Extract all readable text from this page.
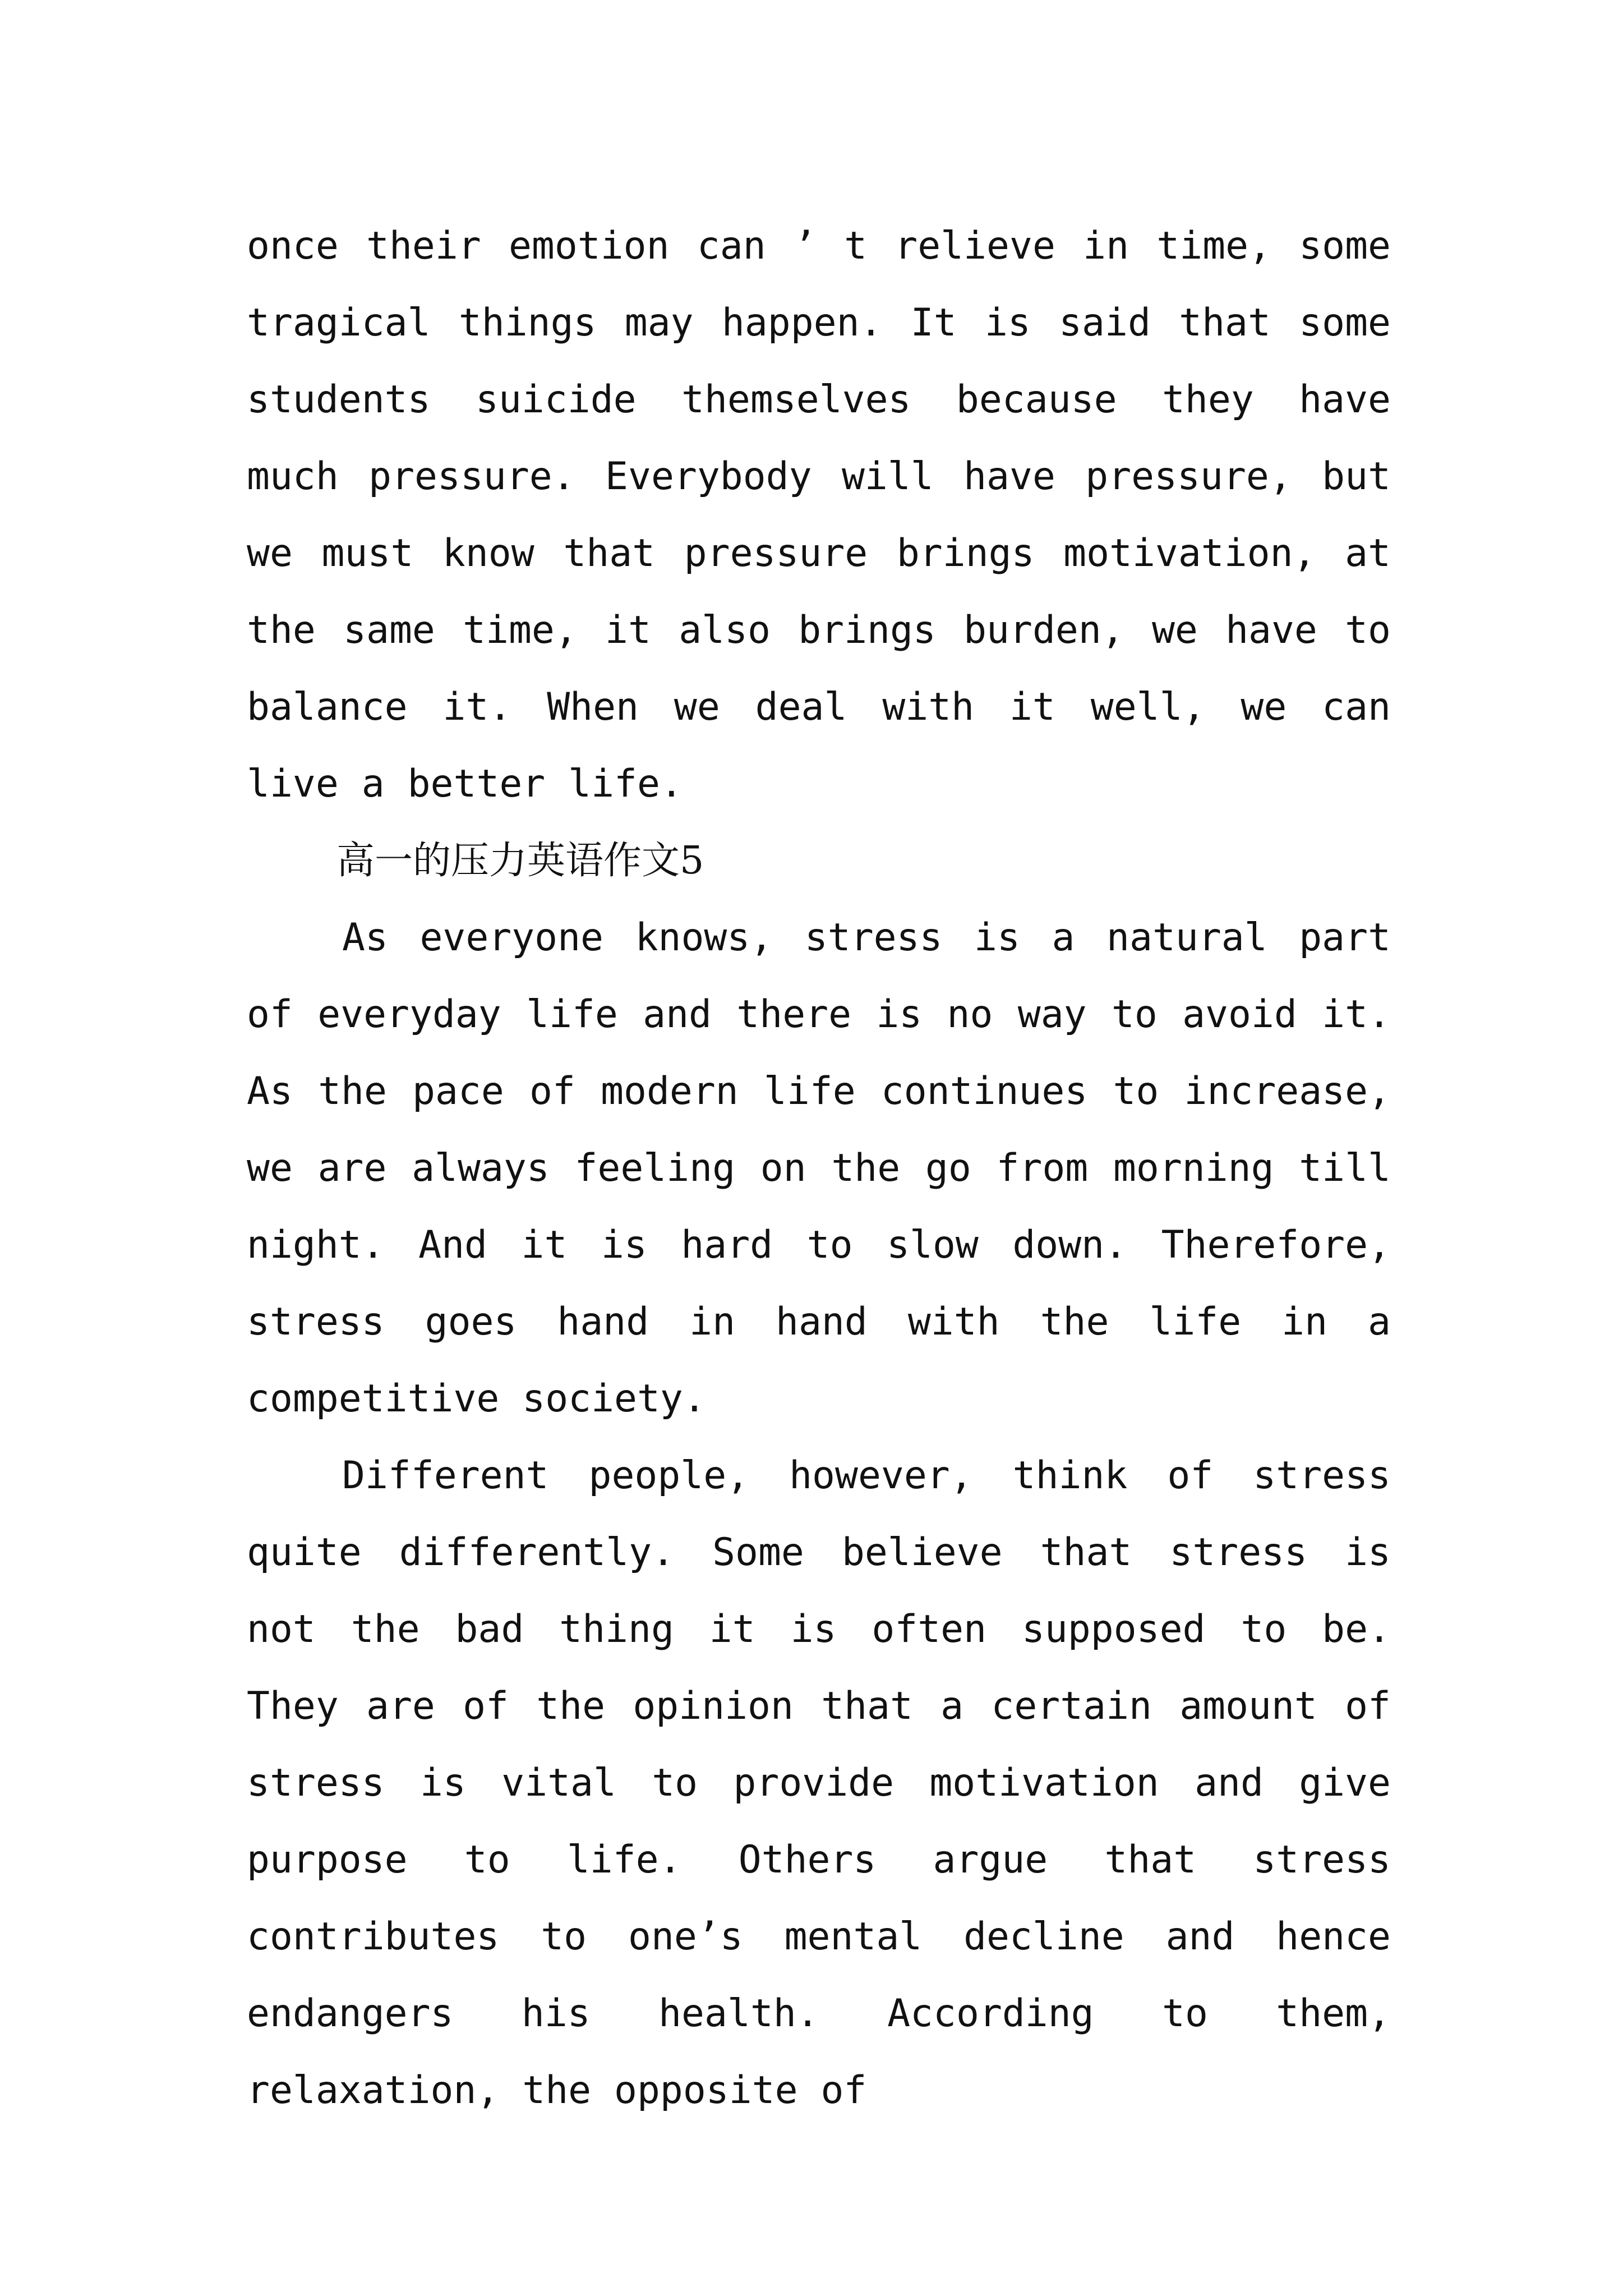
once their emotion can ’ t relieve in time, some tragical things may happen. It is said that some students suicide themselves because they have much pressure. Everybody will have pressure, but we must know that pressure brings motivation, at the same time, it also brings burden, we have to balance it. When we deal with it well, we can live a better life.

高一的压力英语作文5

As everyone knows, stress is a natural part of everyday life and there is no way to avoid it. As the pace of modern life continues to increase, we are always feeling on the go from morning till night. And it is hard to slow down. Therefore, stress goes hand in hand with the life in a competitive society.

Different people, however, think of stress quite differently. Some believe that stress is not the bad thing it is often supposed to be. They are of the opinion that a certain amount of stress is vital to provide motivation and give purpose to life. Others argue that stress contributes to one’s mental decline and hence endangers his health. According to them, relaxation, the opposite of
